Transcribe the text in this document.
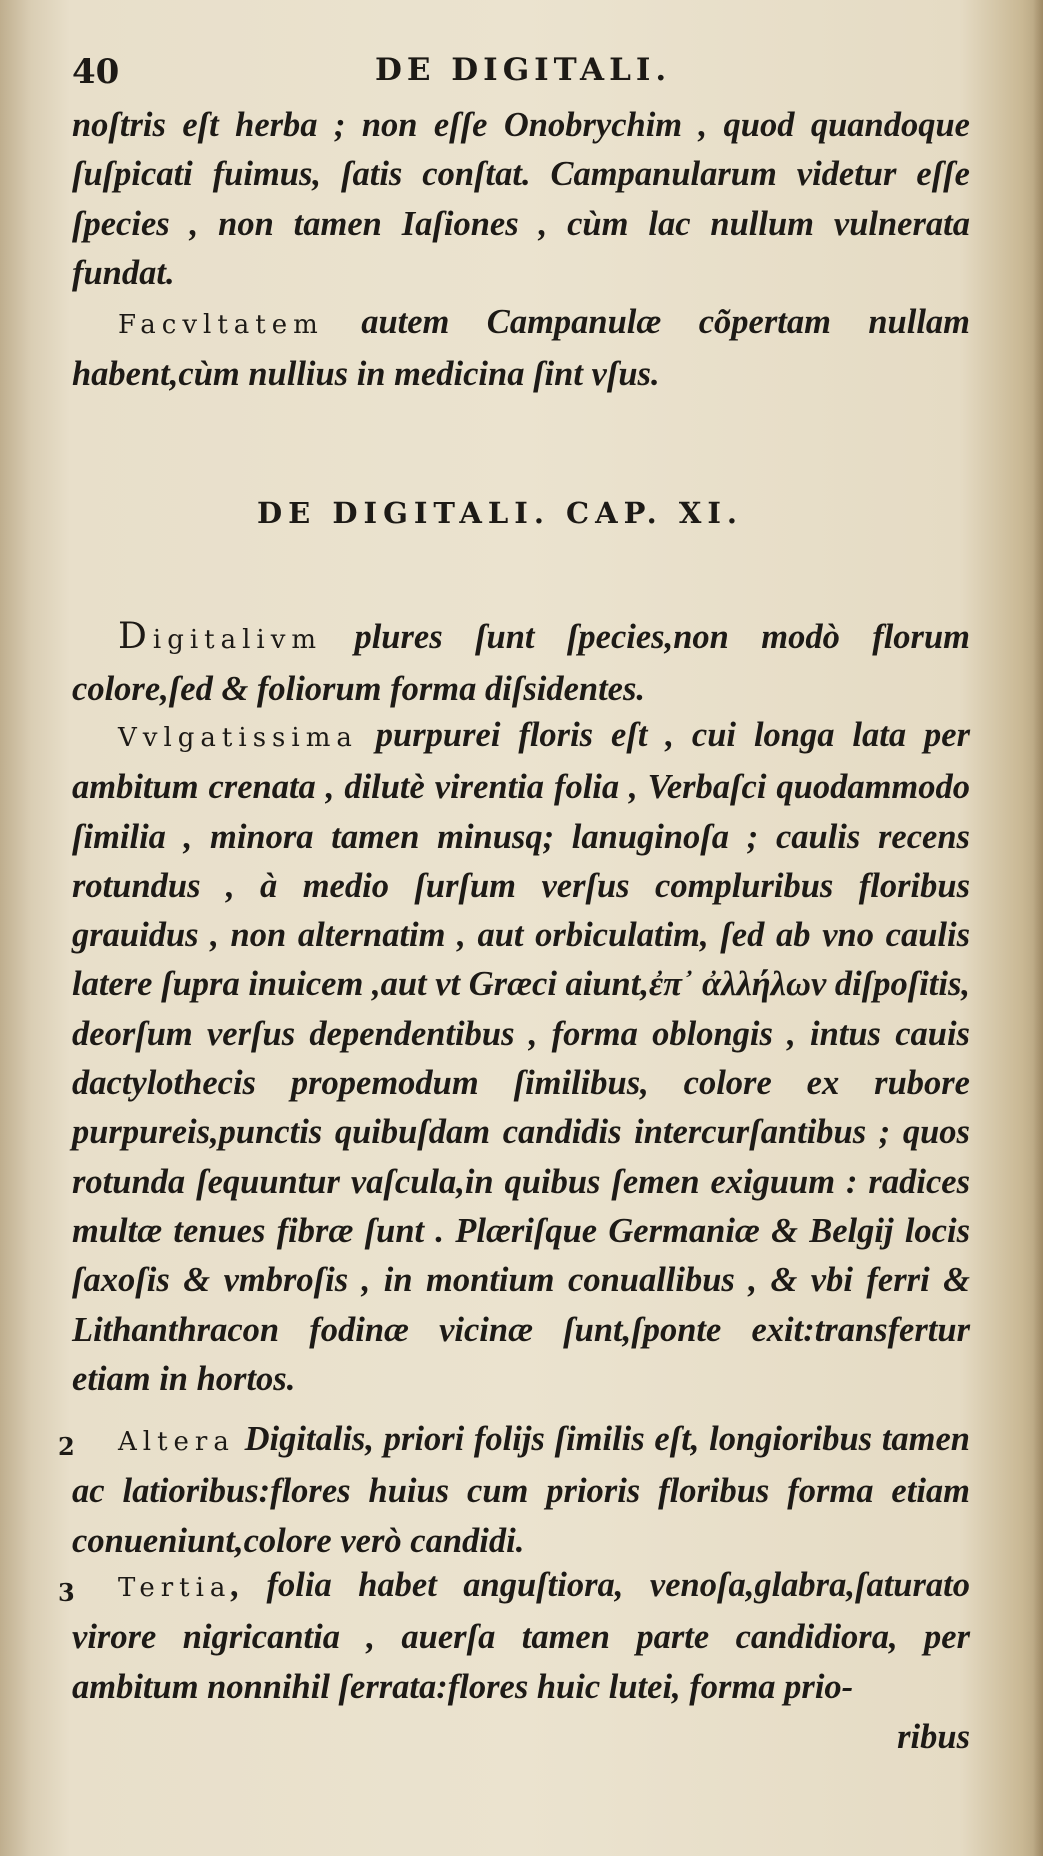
40	DE DIGITALI.

noſtris eſt herba ; non eſſe Onobrychim , quod quandoque ſuſpicati fuimus, ſatis conſtat. Campanularum videtur eſſe ſpecies , non tamen Iaſiones , cùm lac nullum vulnerata fundat.

Facvltatem autem Campanulæ cõpertam nullam habent,cùm nullius in medicina ſint vſus.

DE DIGITALI. CAP. XI.

Digitalivm plures ſunt ſpecies,non modò florum colore,ſed & foliorum forma diſsidentes.

Vvlgatissima purpurei floris eſt , cui longa lata per ambitum crenata , dilutè virentia folia , Verbaſci quodammodo ſimilia , minora tamen minusq; lanuginoſa ; caulis recens rotundus , à medio ſurſum verſus compluribus floribus grauidus , non alternatim , aut orbiculatim, ſed ab vno caulis latere ſupra inuicem ,aut vt Græci aiunt,ἐπ᾽ ἀλλήλων diſpoſitis, deorſum verſus dependentibus , forma oblongis , intus cauis dactylothecis propemodum ſimilibus, colore ex rubore purpureis,punctis quibuſdam candidis intercurſantibus ; quos rotunda ſequuntur vaſcula,in quibus ſemen exiguum : radices multæ tenues fibræ ſunt . Plæriſque Germaniæ & Belgij locis ſaxoſis & vmbroſis , in montium conuallibus , & vbi ferri & Lithanthracon fodinæ vicinæ ſunt,ſponte exit:transfertur etiam in hortos.

2	Altera Digitalis, priori folijs ſimilis eſt, longioribus tamen ac latioribus:flores huius cum prioris floribus forma etiam conueniunt,colore verò candidi.

3	Tertia, folia habet anguſtiora, venoſa,glabra,ſaturato virore nigricantia , auerſa tamen parte candidiora, per ambitum nonnihil ſerrata:flores huic lutei, forma prio-

ribus
